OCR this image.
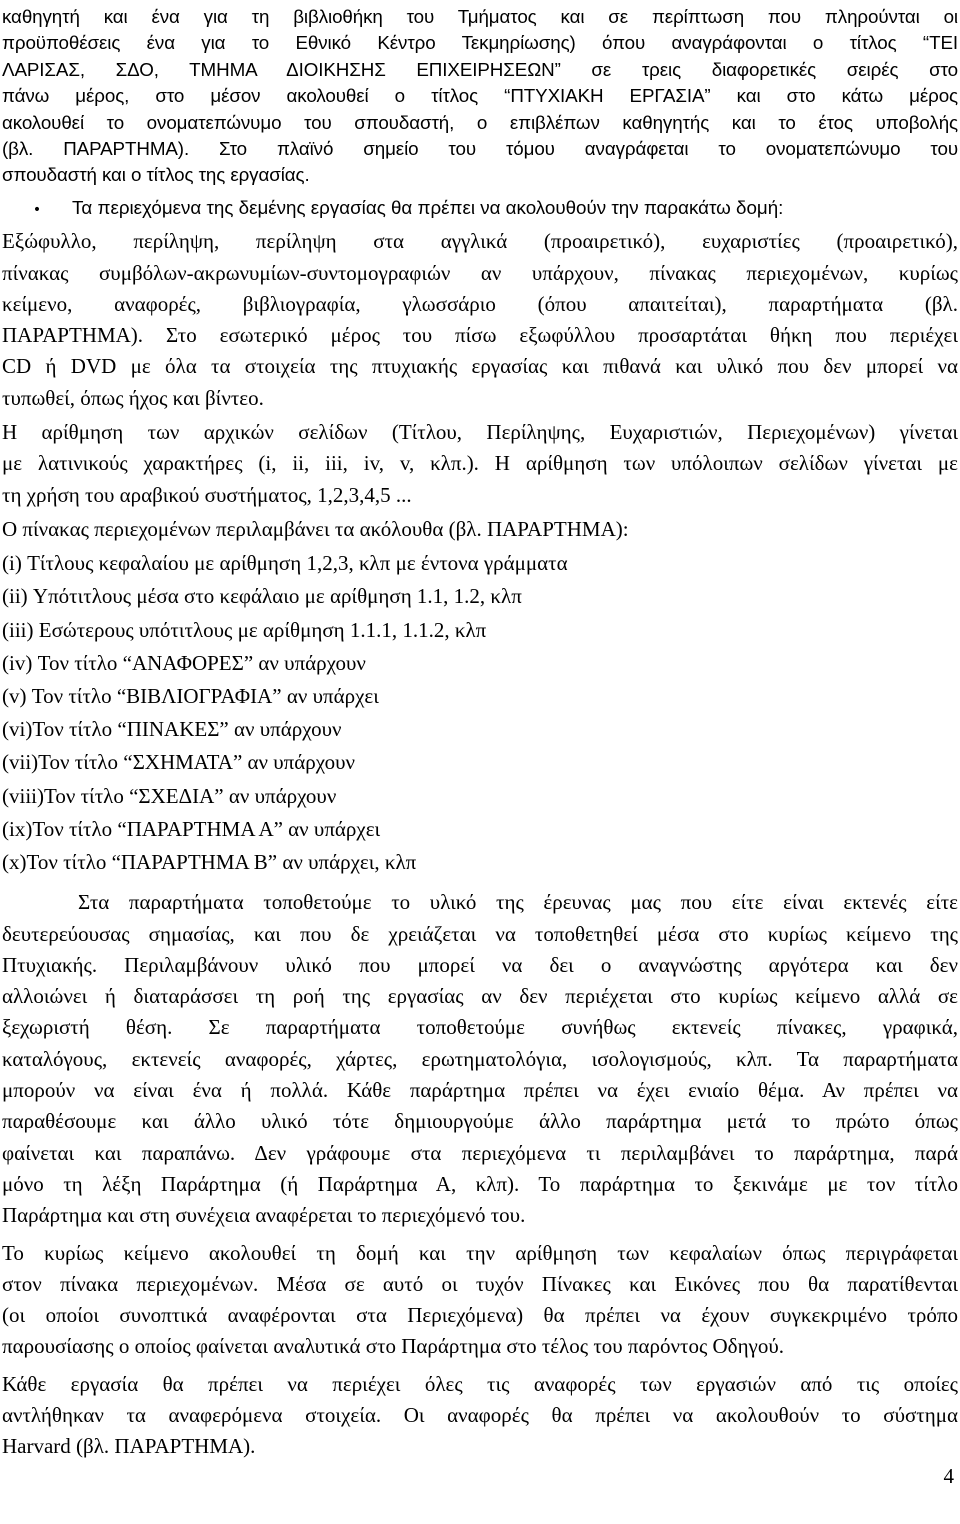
καθηγητή και ένα για τη βιβλιοθήκη του Τμήματος και σε περίπτωση που πληρούνται οι
προϋποθέσεις ένα για το Εθνικό Κέντρο Τεκμηρίωσης) όπου αναγράφονται ο τίτλος “ΤΕΙ
ΛΑΡΙΣΑΣ, ΣΔΟ, ΤΜΗΜΑ ΔΙΟΙΚΗΣΗΣ ΕΠΙΧΕΙΡΗΣΕΩΝ” σε τρεις διαφορετικές σειρές στο
πάνω μέρος, στο μέσον ακολουθεί ο τίτλος “ΠΤΥΧΙΑΚΗ ΕΡΓΑΣΙΑ” και στο κάτω μέρος
ακολουθεί το ονοματεπώνυμο του σπουδαστή, ο επιβλέπων καθηγητής και το έτος υποβολής
(βλ. ΠΑΡΑΡΤΗΜΑ). Στο πλαϊνό σημείο του τόμου αναγράφεται το ονοματεπώνυμο του
σπουδαστή και ο τίτλος της εργασίας.
•	Τα περιεχόμενα της δεμένης εργασίας θα πρέπει να ακολουθούν την παρακάτω δομή:
Εξώφυλλο, περίληψη, περίληψη στα αγγλικά (προαιρετικό), ευχαριστίες (προαιρετικό),
πίνακας συμβόλων-ακρωνυμίων-συντομογραφιών αν υπάρχουν, πίνακας περιεχομένων, κυρίως
κείμενο, αναφορές, βιβλιογραφία, γλωσσάριο (όπου απαιτείται), παραρτήματα (βλ.
ΠΑΡΑΡΤΗΜΑ). Στο εσωτερικό μέρος του πίσω εξωφύλλου προσαρτάται θήκη που περιέχει
CD ή DVD με όλα τα στοιχεία της πτυχιακής εργασίας και πιθανά και υλικό που δεν μπορεί να
τυπωθεί, όπως ήχος και βίντεο.
Η αρίθμηση των αρχικών σελίδων (Τίτλου, Περίληψης, Ευχαριστιών, Περιεχομένων) γίνεται
με λατινικούς χαρακτήρες (i, ii, iii, iv, v, κλπ.). Η αρίθμηση των υπόλοιπων σελίδων γίνεται με
τη χρήση του αραβικού συστήματος, 1,2,3,4,5 ...
Ο πίνακας περιεχομένων περιλαμβάνει τα ακόλουθα (βλ. ΠΑΡΑΡΤΗΜΑ):
(i) Τίτλους κεφαλαίου με αρίθμηση 1,2,3, κλπ με έντονα γράμματα
(ii) Υπότιτλους μέσα στο κεφάλαιο με αρίθμηση 1.1, 1.2, κλπ
(iii) Εσώτερους υπότιτλους με αρίθμηση 1.1.1, 1.1.2, κλπ
(iv) Τον τίτλο “ΑΝΑΦΟΡΕΣ” αν υπάρχουν
(v) Τον τίτλο “ΒΙΒΛΙΟΓΡΑΦΙΑ” αν υπάρχει
(vi)Τον τίτλο “ΠΙΝΑΚΕΣ” αν υπάρχουν
(vii)Τον τίτλο “ΣΧΗΜΑΤΑ” αν υπάρχουν
(viii)Τον τίτλο “ΣΧΕΔΙΑ” αν υπάρχουν
(ix)Τον τίτλο “ΠΑΡΑΡΤΗΜΑ Α” αν υπάρχει
(x)Τον τίτλο “ΠΑΡΑΡΤΗΜΑ Β” αν υπάρχει, κλπ
Στα παραρτήματα τοποθετούμε το υλικό της έρευνας μας που είτε είναι εκτενές είτε
δευτερεύουσας σημασίας, και που δε χρειάζεται να τοποθετηθεί μέσα στο κυρίως κείμενο της
Πτυχιακής. Περιλαμβάνουν υλικό που μπορεί να δει ο αναγνώστης αργότερα και δεν
αλλοιώνει ή διαταράσσει τη ροή της εργασίας αν δεν περιέχεται στο κυρίως κείμενο αλλά σε
ξεχωριστή θέση. Σε παραρτήματα τοποθετούμε συνήθως εκτενείς πίνακες, γραφικά,
καταλόγους, εκτενείς αναφορές, χάρτες, ερωτηματολόγια, ισολογισμούς, κλπ. Τα παραρτήματα
μπορούν να είναι ένα ή πολλά. Κάθε παράρτημα πρέπει να έχει ενιαίο θέμα. Αν πρέπει να
παραθέσουμε και άλλο υλικό τότε δημιουργούμε άλλο παράρτημα μετά το πρώτο όπως
φαίνεται και παραπάνω. Δεν γράφουμε στα περιεχόμενα τι περιλαμβάνει το παράρτημα, παρά
μόνο τη λέξη Παράρτημα (ή Παράρτημα Α, κλπ). Το παράρτημα το ξεκινάμε με τον τίτλο
Παράρτημα και στη συνέχεια αναφέρεται το περιεχόμενό του.
Το κυρίως κείμενο ακολουθεί τη δομή και την αρίθμηση των κεφαλαίων όπως περιγράφεται
στον πίνακα περιεχομένων. Μέσα σε αυτό οι τυχόν Πίνακες και Εικόνες που θα παρατίθενται
(οι οποίοι συνοπτικά αναφέρονται στα Περιεχόμενα) θα πρέπει να έχουν συγκεκριμένο τρόπο
παρουσίασης ο οποίος φαίνεται αναλυτικά στο Παράρτημα στο τέλος του παρόντος Οδηγού.
Κάθε εργασία θα πρέπει να περιέχει όλες τις αναφορές των εργασιών από τις οποίες
αντλήθηκαν τα αναφερόμενα στοιχεία. Οι αναφορές θα πρέπει να ακολουθούν το σύστημα
Harvard (βλ. ΠΑΡΑΡΤΗΜΑ).
4
